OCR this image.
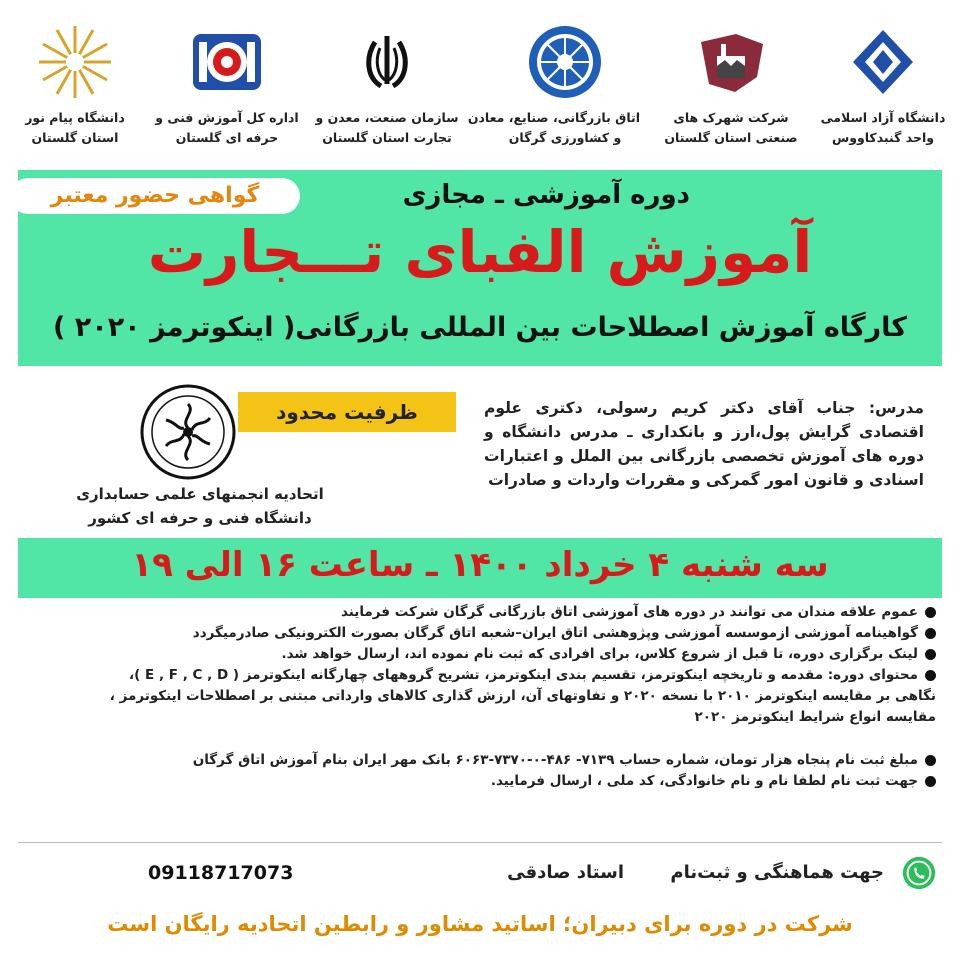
دانشگاه آزاد اسلامی
واحد گنبدکاووس
شرکت شهرک های
صنعتی استان گلستان
اتاق بازرگانی، صنایع، معادن
و کشاورزی گرگان
سازمان صنعت، معدن و
تجارت استان گلستان
اداره کل آموزش فنی و
حرفه ای گلستان
دانشگاه پیام نور
استان گلستان
گواهی حضور معتبر	دوره آموزشی ـ مجازی
آموزش الفبای تـــجارت
کارگاه آموزش اصطلاحات بین المللی بازرگانی( اینکوترمز ۲۰۲۰ )
مدرس: جناب آقای دکتر کریم رسولی، دکتری علوم اقتصادی گرایش پول،ارز و بانکداری ـ مدرس دانشگاه و دوره های آموزش تخصصی بازرگانی بین الملل و اعتبارات اسنادی و قانون امور گمرکی و مقررات واردات و صادرات
ظرفیت محدود
اتحادیه انجمنهای علمی حسابداری
دانشگاه فنی و حرفه ای کشور
سه شنبه ۴ خرداد ۱۴۰۰ ـ ساعت ۱۶ الی ۱۹
عموم علاقه مندان می توانند در دوره های آموزشی اتاق بازرگانی گرگان شرکت فرمایند
گواهینامه آموزشی ازموسسه آموزشی وپژوهشی اتاق ایران–شعبه اتاق گرگان بصورت الکترونیکی صادرمیگردد
لینک برگزاری دوره، تا قبل از شروع کلاس، برای افرادی که ثبت نام نموده اند، ارسال خواهد شد.
محتوای دوره: مقدمه و تاریخچه اینکوترمز، تقسیم بندی اینکوترمز، تشریح گروههای چهارگانه اینکوترمز ( E , F , C , D )،
نگاهی بر مقایسه اینکوترمز ۲۰۱۰ با نسخه ۲۰۲۰ و تفاوتهای آن، ارزش گذاری کالاهای وارداتی مبتنی بر اصطلاحات اینکوترمز ،
مقایسه انواع شرایط اینکوترمز ۲۰۲۰
مبلغ ثبت نام پنجاه هزار تومان، شماره حساب ۷۱۳۹- ۴۸۶-۰-۷۳۷۰-۶۰۶۳ بانک مهر ایران بنام آموزش اتاق گرگان
جهت ثبت نام لطفا نام و نام خانوادگی، کد ملی ، ارسال فرمایید.
جهت هماهنگی و ثبت‌نام
استاد صادقی
09118717073
شرکت در دوره برای دبیران؛ اساتید مشاور و رابطین اتحادیه رایگان است
